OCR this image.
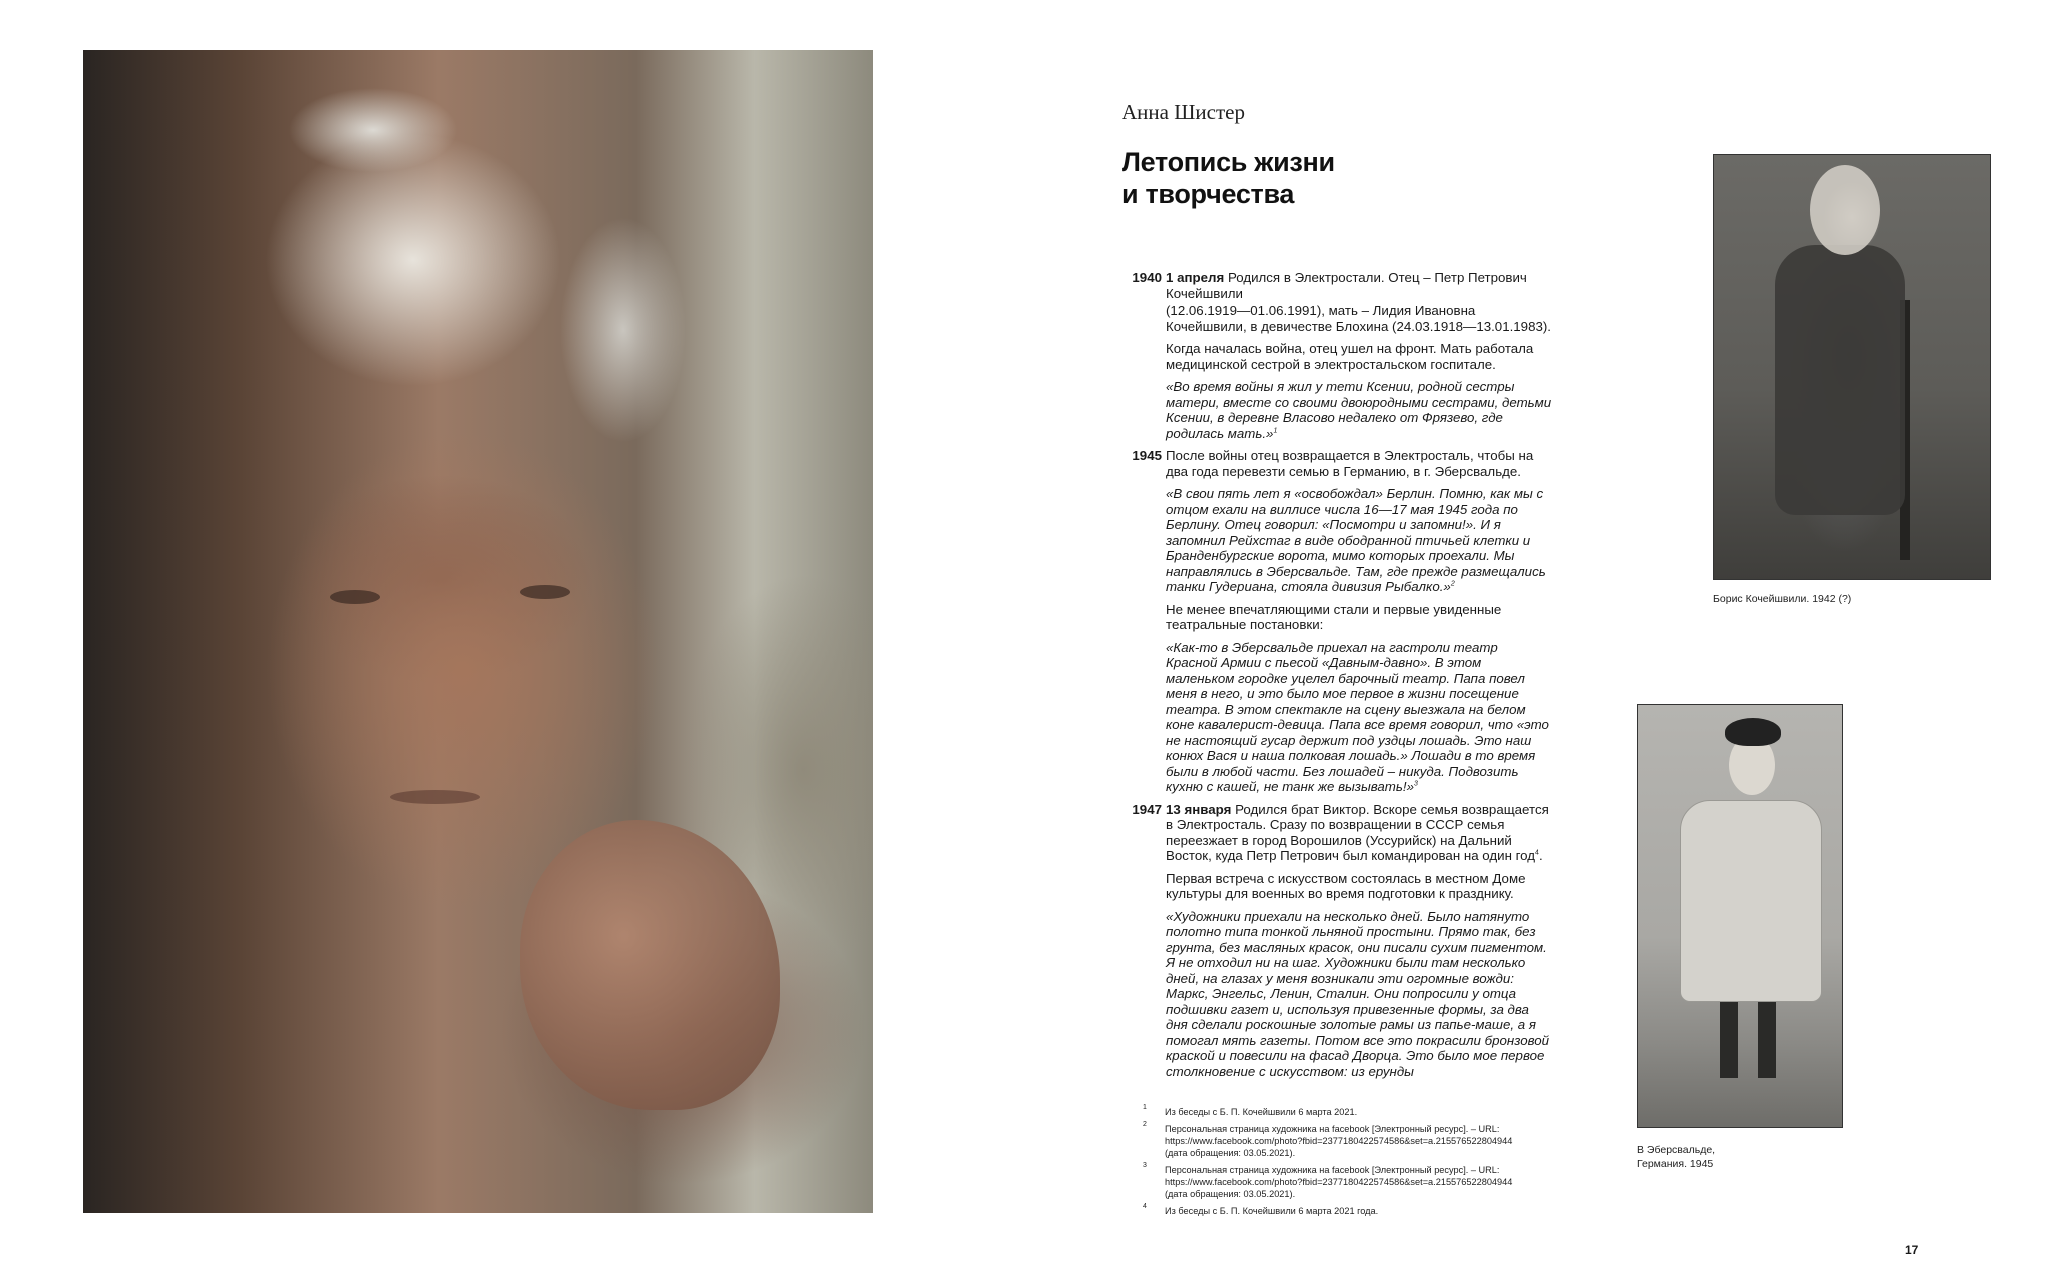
Анна Шистер
Летопись жизни
и творчества
1940 1 апреля Родился в Электростали. Отец – Петр Петрович Кочейшвили

(12.06.1919—01.06.1991), мать – Лидия Ивановна Кочейшвили, в девичестве Блохина (24.03.1918—13.01.1983).

Когда началась война, отец ушел на фронт. Мать работала медицинской сестрой в электростальском госпитале.

«Во время войны я жил у тети Ксении, родной сестры матери, вместе со своими двоюродными сестрами, детьми Ксении, в деревне Власово недалеко от Фрязево, где родилась мать.»$^1$

1945 После войны отец возвращается в Электросталь, чтобы на два года перевезти семью в Германию, в г. Эберсвальде.

«В свои пять лет я «освобождал» Берлин. Помню, как мы с отцом ехали на виллисе числа 16—17 мая 1945 года по Берлину. Отец говорил: «Посмотри и запомни!». И я запомнил Рейхстаг в виде ободранной птичьей клетки и Бранденбургские ворота, мимо которых проехали. Мы направлялись в Эберсвальде. Там, где прежде размещались танки Гудериана, стояла дивизия Рыбалко.»$^2$

Не менее впечатляющими стали и первые увиденные театральные постановки:

«Как-то в Эберсвальде приехал на гастроли театр Красной Армии с пьесой «Давным-давно». В этом маленьком городке уцелел барочный театр. Папа повел меня в него, и это было мое первое в жизни посещение театра. В этом спектакле на сцену выезжала на белом коне кавалерист-девица. Папа все время говорил, что «это не настоящий гусар держит под уздцы лошадь. Это наш конюх Вася и наша полковая лошадь.» Лошади в то время были в любой части. Без лошадей – никуда. Подвозить кухню с кашей, не танк же вызывать!»$^3$

1947 13 января Родился брат Виктор. Вскоре семья возвращается в Электросталь. Сразу по возвращении в СССР семья переезжает в город Ворошилов (Уссурийск) на Дальний Восток, куда Петр Петрович был командирован на один год$^4$.

Первая встреча с искусством состоялась в местном Доме культуры для военных во время подготовки к празднику.

«Художники приехали на несколько дней. Было натянуто полотно типа тонкой льняной простыни. Прямо так, без грунта, без масляных красок, они писали сухим пигментом. Я не отходил ни на шаг. Художники были там несколько дней, на глазах у меня возникали эти огромные вожди: Маркс, Энгельс, Ленин, Сталин. Они попросили у отца подшивки газет и, используя привезенные формы, за два дня сделали роскошные золотые рамы из папье-маше, а я помогал мять газеты. Потом все это покрасили бронзовой краской и повесили на фасад Дворца. Это было мое первое столкновение с искусством: из ерунды

1 Из беседы с Б. П. Кочейшвили 6 марта 2021.
2 Персональная страница художника на facebook [Электронный ресурс]. – URL: https://www.facebook.com/photo?fbid=2377180422574586&set=a.215576522804944 (дата обращения: 03.05.2021).
3 Персональная страница художника на facebook [Электронный ресурс]. – URL: https://www.facebook.com/photo?fbid=2377180422574586&set=a.215576522804944 (дата обращения: 03.05.2021).
4 Из беседы с Б. П. Кочейшвили 6 марта 2021 года.
Борис Кочейшвили. 1942 (?)
В Эберсвальде,
Германия. 1945
17
